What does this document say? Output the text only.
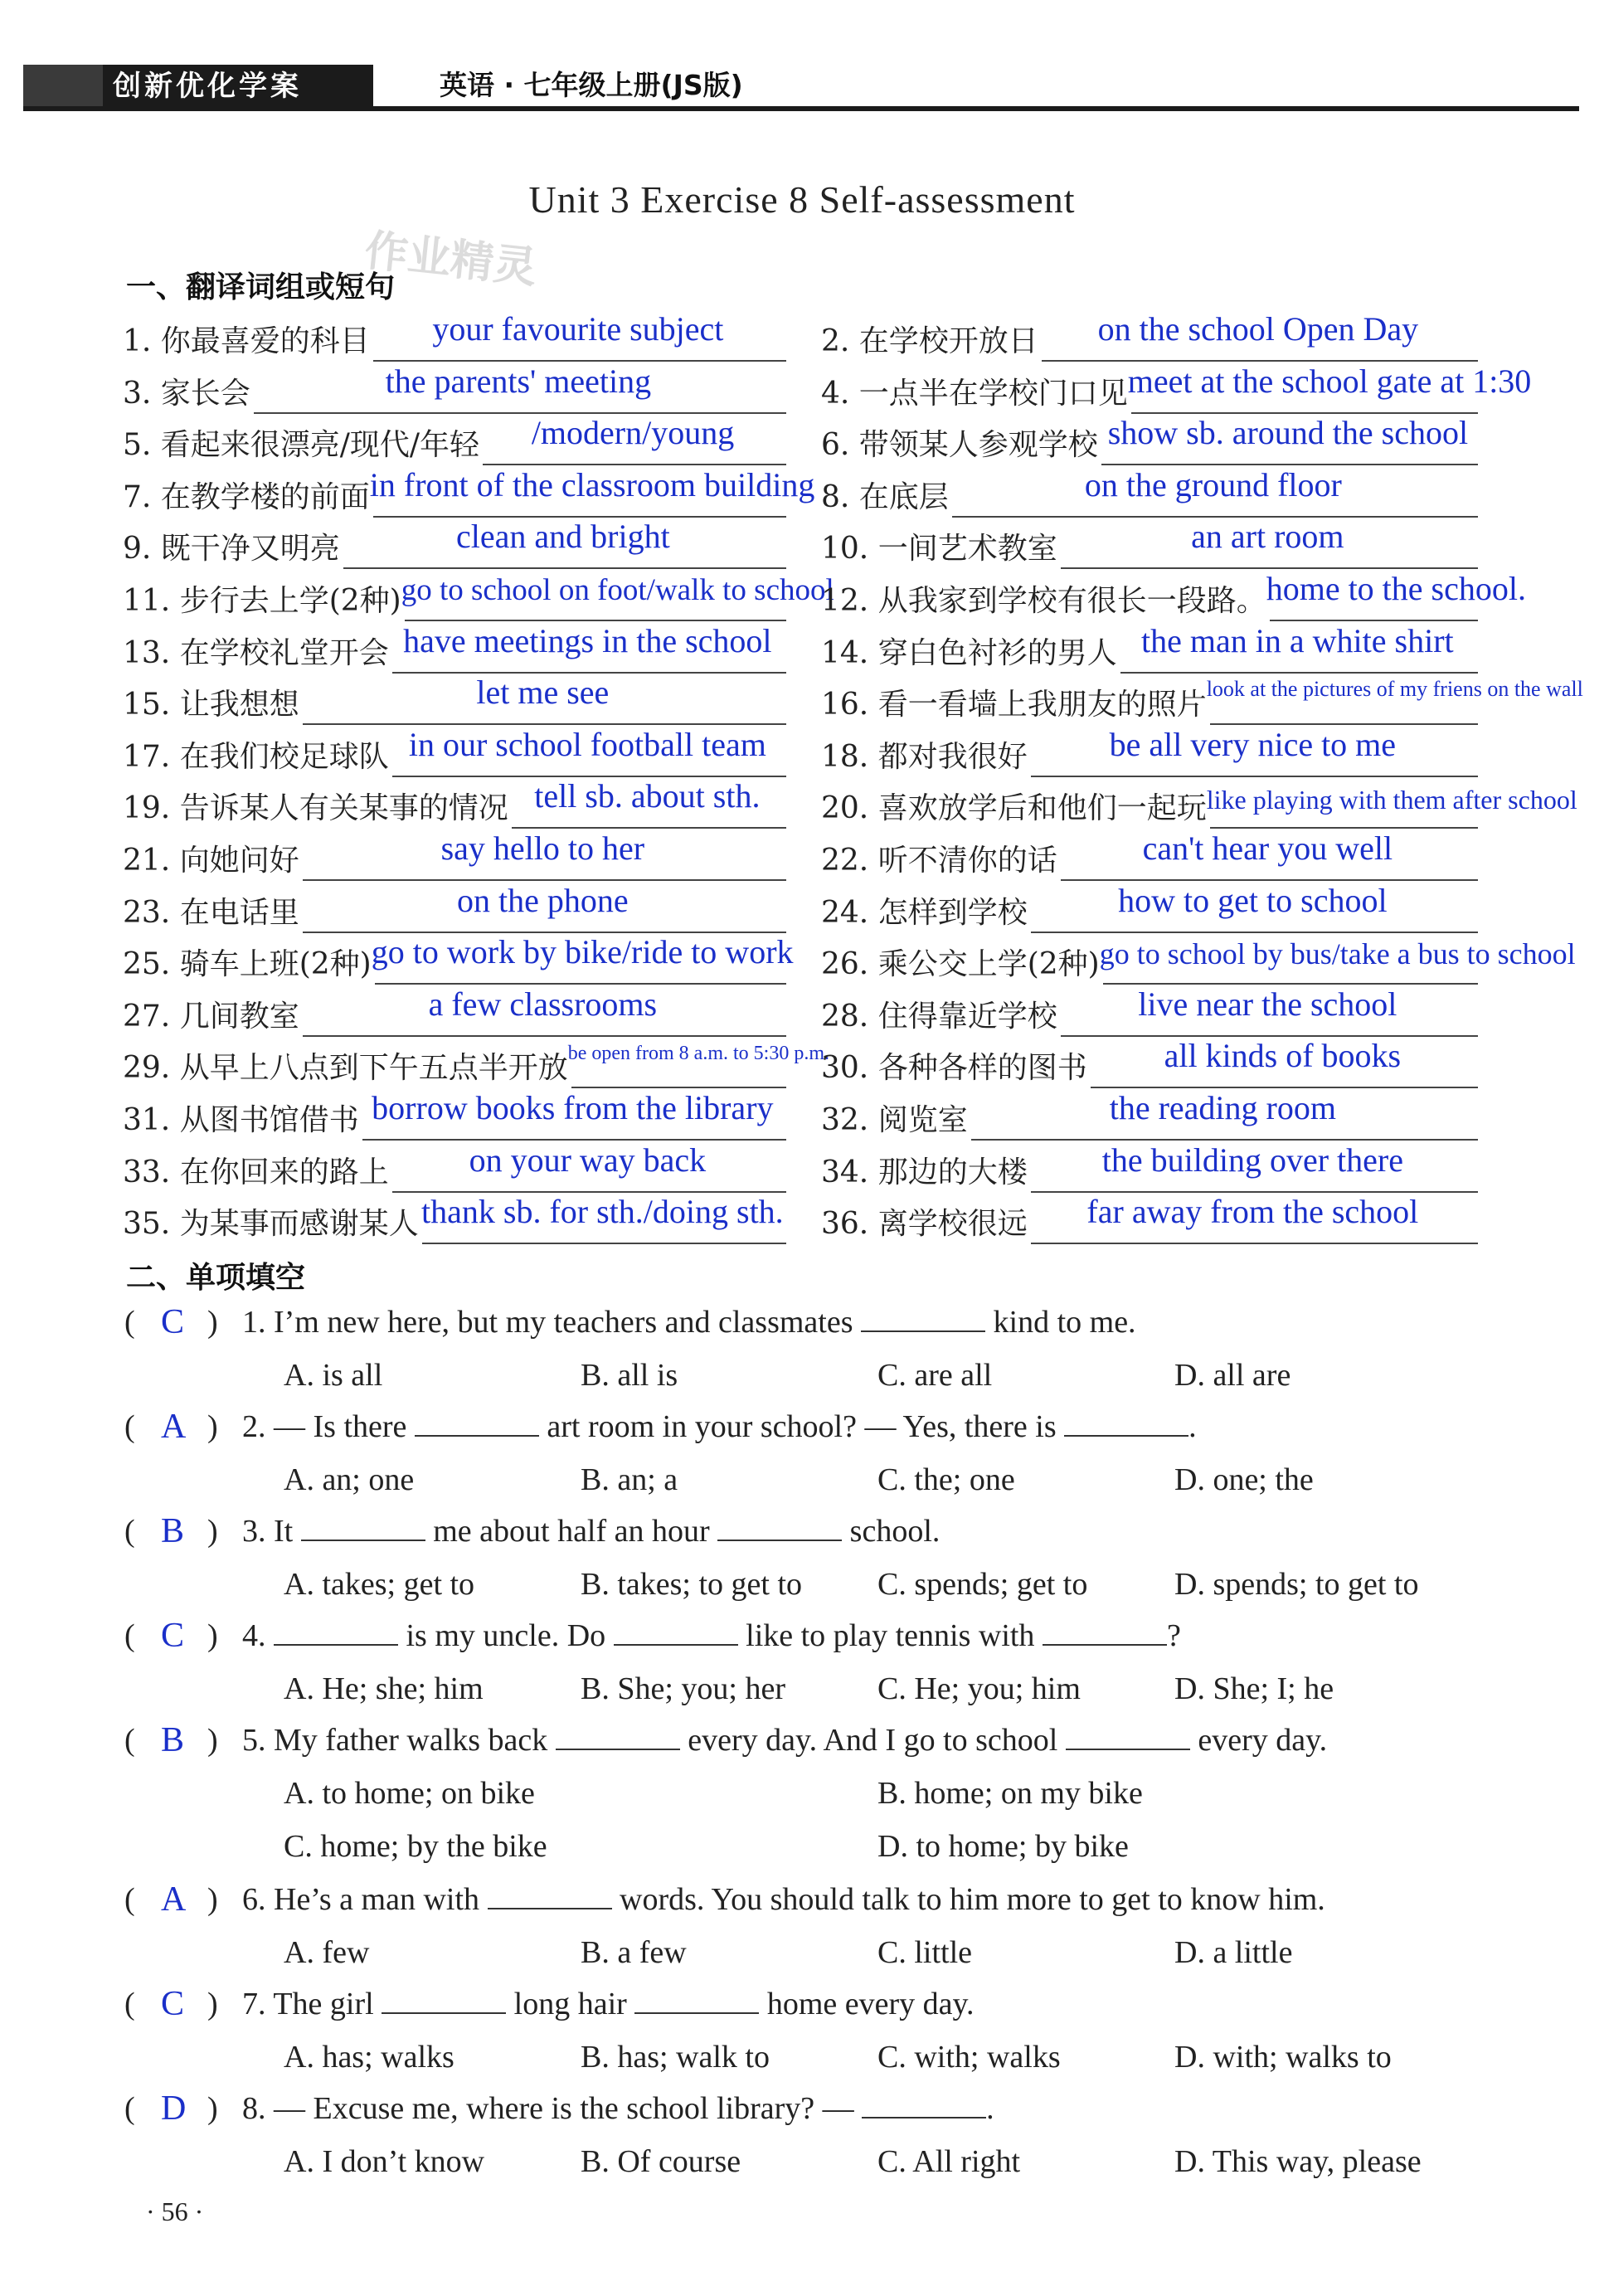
创新优化学案	英语 · 七年级上册(JS版)
Unit 3 Exercise 8 Self-assessment
作业精灵
一、翻译词组或短句
1. 你最喜爱的科目 your favourite subject	2. 在学校开放日 on the school Open Day
3. 家长会	the parents' meeting	4. 一点半在学校门口见 meet at the school gate at 1:30
5. 看起来很漂亮/现代/年轻 /modern/young	6. 带领某人参观学校 show sb. around the school
7. 在教学楼的前面 in front of the classroom building 8. 在底层	on the ground floor
9. 既干净又明亮	clean and bright	10. 一间艺术教室	an art room
11. 步行去上学(2种) go to school on foot/walk to school
12. 从我家到学校有很长一段路。 home to the school.
13. 在学校礼堂开会 have meetings in the school 14. 穿白色衬衫的男人 the man in a white shirt
15. 让我想想	let me see	16. 看一看墙上我朋友的照片 look at the pictures of my friens on the wall
17. 在我们校足球队 in our school football team 18. 都对我很好 be all very nice to me
19. 告诉某人有关某事的情况 tell sb. about sth. 20. 喜欢放学后和他们一起玩 like playing with them after school
21. 向她问好	say hello to her	22. 听不清你的话	can't hear you well
23. 在电话里	on the phone	24. 怎样到学校	how to get to school
25. 骑车上班(2种) go to work by bike/ride to work 26. 乘公交上学(2种) go to school by bus/take a bus to school
27. 几间教室	a few classrooms	28. 住得靠近学校 live near the school
29. 从早上八点到下午五点半开放 be open from 8 a.m. to 5:30 p.m.
30. 各种各样的图书 all kinds of books
31. 从图书馆借书 borrow books from the library 32. 阅览室	the reading room
33. 在你回来的路上 on your way back	34. 那边的大楼 the building over there
35. 为某事而感谢某人 thank sb. for sth./doing sth. 36. 离学校很远 far away from the school
二、单项填空
( C ) 1. I’m new here, but my teachers and classmates	kind to me.
A. is all	B. all is	C. are all	D. all are
( A ) 2. — Is there	art room in your school? — Yes, there is	.
A. an; one	B. an; a	C. the; one	D. one; the
( B ) 3. It	me about half an hour	school.
A. takes; get to	B. takes; to get to C. spends; get to	D. spends; to get to
( C ) 4.	is my uncle. Do	like to play tennis with	?
A. He; she; him	B. She; you; her	C. He; you; him	D. She; I; he
( B ) 5. My father walks back	every day. And I go to school	every day.
A. to home; on bike	B. home; on my bike
C. home; by the bike	D. to home; by bike
( A ) 6. He’s a man with	words. You should talk to him more to get to know him.
A. few	B. a few	C. little	D. a little
( C ) 7. The girl	long hair	home every day.
A. has; walks	B. has; walk to	C. with; walks	D. with; walks to
( D ) 8. — Excuse me, where is the school library? —	.
A. I don’t know	B. Of course	C. All right	D. This way, please
· 56 ·
